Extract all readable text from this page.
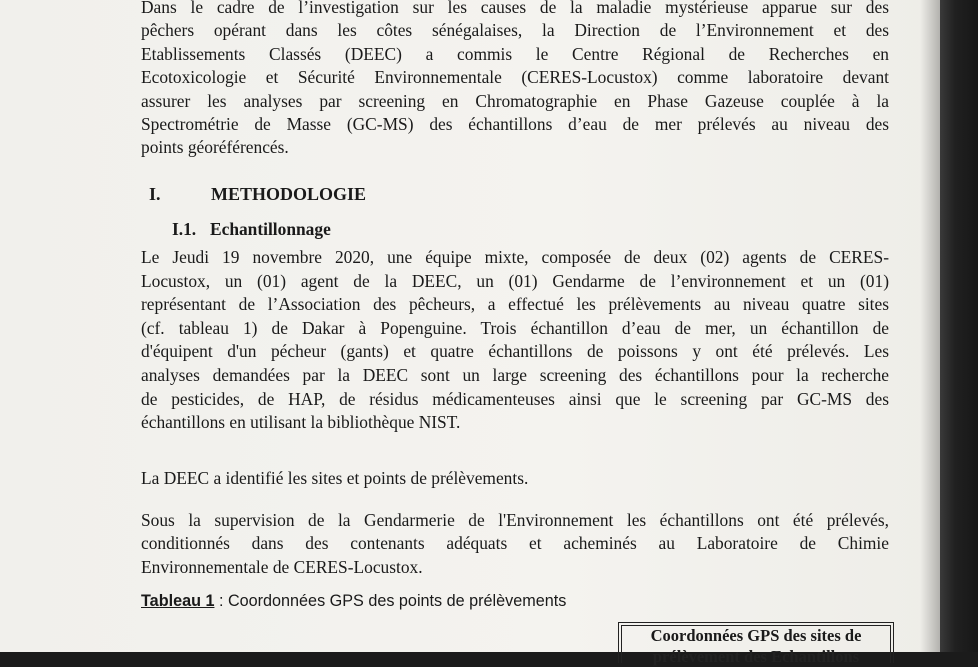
Dans le cadre de l’investigation sur les causes de la maladie mystérieuse apparue sur des
pêchers opérant dans les côtes sénégalaises, la Direction de l’Environnement et des
Etablissements Classés (DEEC) a commis le Centre Régional de Recherches en
Ecotoxicologie et Sécurité Environnementale (CERES-Locustox) comme laboratoire devant
assurer les analyses par screening en Chromatographie en Phase Gazeuse couplée à la
Spectrométrie de Masse (GC-MS) des échantillons d’eau de mer prélevés au niveau des
points géoréférencés.

I.	METHODOLOGIE
I.1. Echantillonnage

Le Jeudi 19 novembre 2020, une équipe mixte, composée de deux (02) agents de CERES-
Locustox, un (01) agent de la DEEC, un (01) Gendarme de l’environnement et un (01)
représentant de l’Association des pêcheurs, a effectué les prélèvements au niveau quatre sites
(cf. tableau 1) de Dakar à Popenguine. Trois échantillon d’eau de mer, un échantillon de
d'équipent d'un pécheur (gants) et quatre échantillons de poissons y ont été prélevés. Les
analyses demandées par la DEEC sont un large screening des échantillons pour la recherche
de pesticides, de HAP, de résidus médicamenteuses ainsi que le screening par GC-MS des
échantillons en utilisant la bibliothèque NIST.

La DEEC a identifié les sites et points de prélèvements.

Sous la supervision de la Gendarmerie de l'Environnement les échantillons ont été prélevés,
conditionnés dans des contenants adéquats et acheminés au Laboratoire de Chimie
Environnementale de CERES-Locustox.

Tableau 1 : Coordonnées GPS des points de prélèvements
Coordonnées GPS des sites de
prélèvement des Echantillons
